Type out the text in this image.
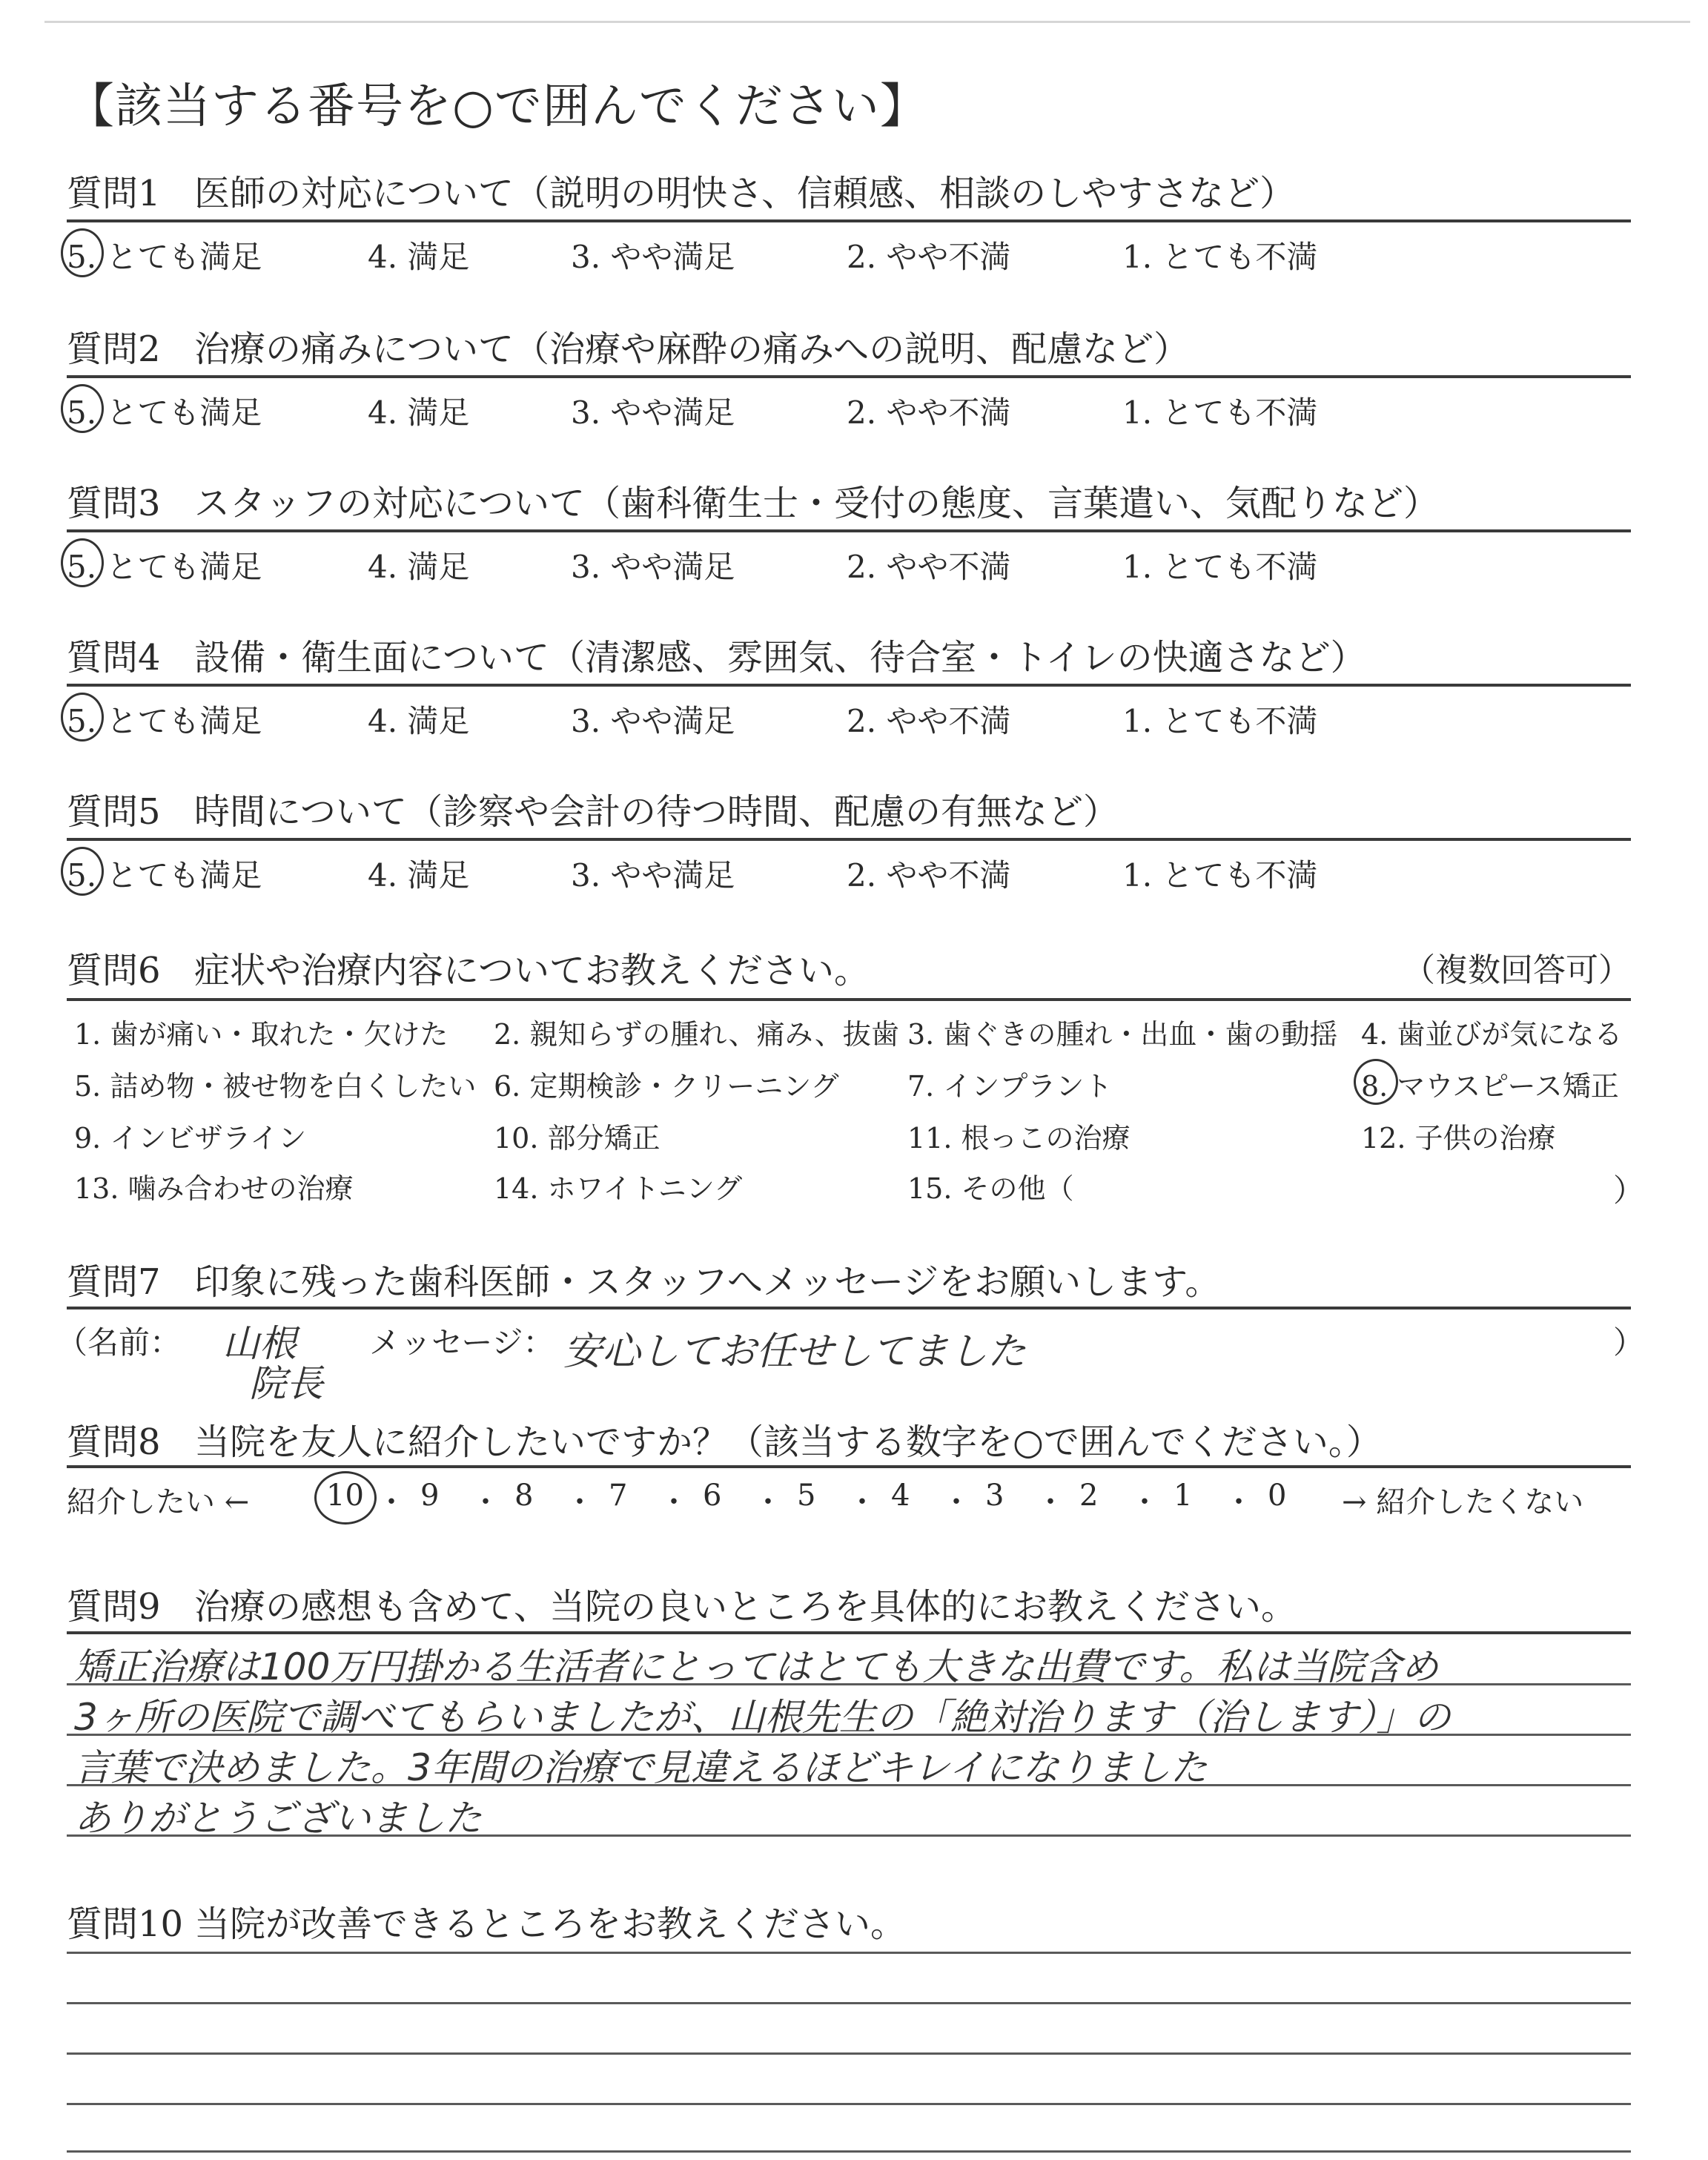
【該当する番号を○で囲んでください】
質問1 医師の対応について（説明の明快さ、信頼感、相談のしやすさなど）
5. とても満足	4. 満足	3. やや満足	2. やや不満	1. とても不満
質問2 治療の痛みについて（治療や麻酔の痛みへの説明、配慮など）
5. とても満足	4. 満足	3. やや満足	2. やや不満	1. とても不満
質問3 スタッフの対応について（歯科衛生士・受付の態度、言葉遣い、気配りなど）
5. とても満足	4. 満足	3. やや満足	2. やや不満	1. とても不満
質問4 設備・衛生面について（清潔感、雰囲気、待合室・トイレの快適さなど）
5. とても満足	4. 満足	3. やや満足	2. やや不満	1. とても不満
質問5 時間について（診察や会計の待つ時間、配慮の有無など）
5. とても満足	4. 満足	3. やや満足	2. やや不満	1. とても不満
質問6 症状や治療内容についてお教えください。	（複数回答可）
1. 歯が痛い・取れた・欠けた 2. 親知らずの腫れ、痛み、抜歯 3. 歯ぐきの腫れ・出血・歯の動揺 4. 歯並びが気になる
5. 詰め物・被せ物を白くしたい 6. 定期検診・クリーニング 7. インプラント	8. マウスピース矯正
9. インビザライン	10. 部分矯正	11. 根っこの治療	12. 子供の治療
13. 噛み合わせの治療	14. ホワイトニング	15. その他（	）
質問7 印象に残った歯科医師・スタッフへメッセージをお願いします。
（名前： 山根
院長
メッセージ： 安心してお任せしてました	）
質問8 当院を友人に紹介したいですか？（該当する数字を○で囲んでください。）
紹介したい ←	→ 紹介したくない
10 ・ 9 ・ 8 ・ 7 ・ 6 ・ 5 ・ 4 ・ 3 ・ 2 ・ 1 ・ 0
質問9 治療の感想も含めて、当院の良いところを具体的にお教えください。
矯正治療は100万円掛かる生活者にとってはとても大きな出費です。私は当院含め
3ヶ所の医院で調べてもらいましたが、山根先生の「絶対治ります（治します）」の
言葉で決めました。3年間の治療で見違えるほどキレイになりました
ありがとうございました
質問10 当院が改善できるところをお教えください。
